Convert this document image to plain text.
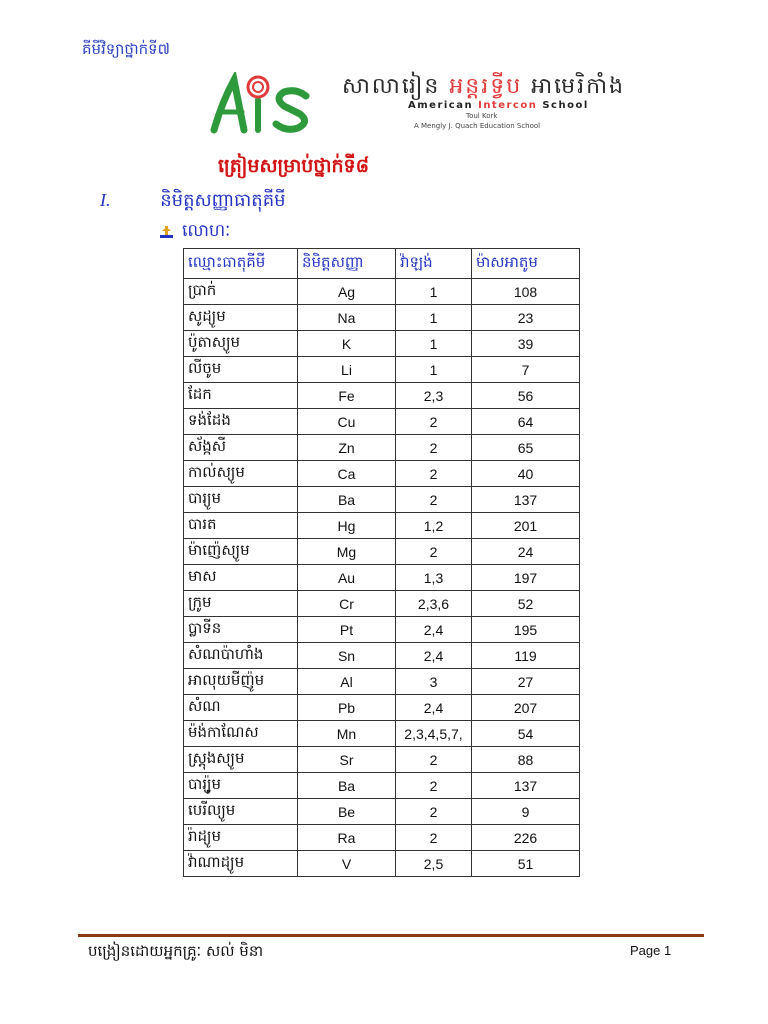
គីមីវិទ្យាថ្នាក់ទី៧
សាលារៀន អន្តរទ្វីប អាមេរិកាំង
American Intercon School
Toul Kork
A Mengly J. Quach Education School
ត្រៀមសម្រាប់ថ្នាក់ទី៨
I.	និមិត្តសញ្ញាធាតុគីមី
លោហៈ
ឈ្មោះធាតុគីមី	និមិត្តសញ្ញា	វ៉ាឡង់	ម៉ាសអាតូម
ប្រាក់	Ag	1	108
សូដ្យូម	Na	1	23
ប៉ូតាស្យូម	K	1	39
លីចូម	Li	1	7
ដែក	Fe	2,3	56
ទង់ដែង	Cu	2	64
ស័ង្កសី	Zn	2	65
កាល់ស្យូម	Ca	2	40
បារ្យូម	Ba	2	137
បារត	Hg	1,2	201
ម៉ាញ៉េស្យូម	Mg	2	24
មាស	Au	1,3	197
ក្រូម	Cr	2,3,6	52
ប្លាទីន	Pt	2,4	195
សំណប៉ាហាំង	Sn	2,4	119
អាលុយមីញ៉ូម	Al	3	27
សំណ	Pb	2,4	207
ម៉ង់កាណែស	Mn	2,3,4,5,7,	54
ស្រ្តុងស្យូម	Sr	2	88
បារ្យ៉ូម	Ba	2	137
បេរីល្យូម	Be	2	9
រ៉ាដ្យូម	Ra	2	226
វ៉ាណាដ្យូម	V	2,5	51
បង្រៀនដោយអ្នកគ្រូៈ សល់ មិនា	Page 1
